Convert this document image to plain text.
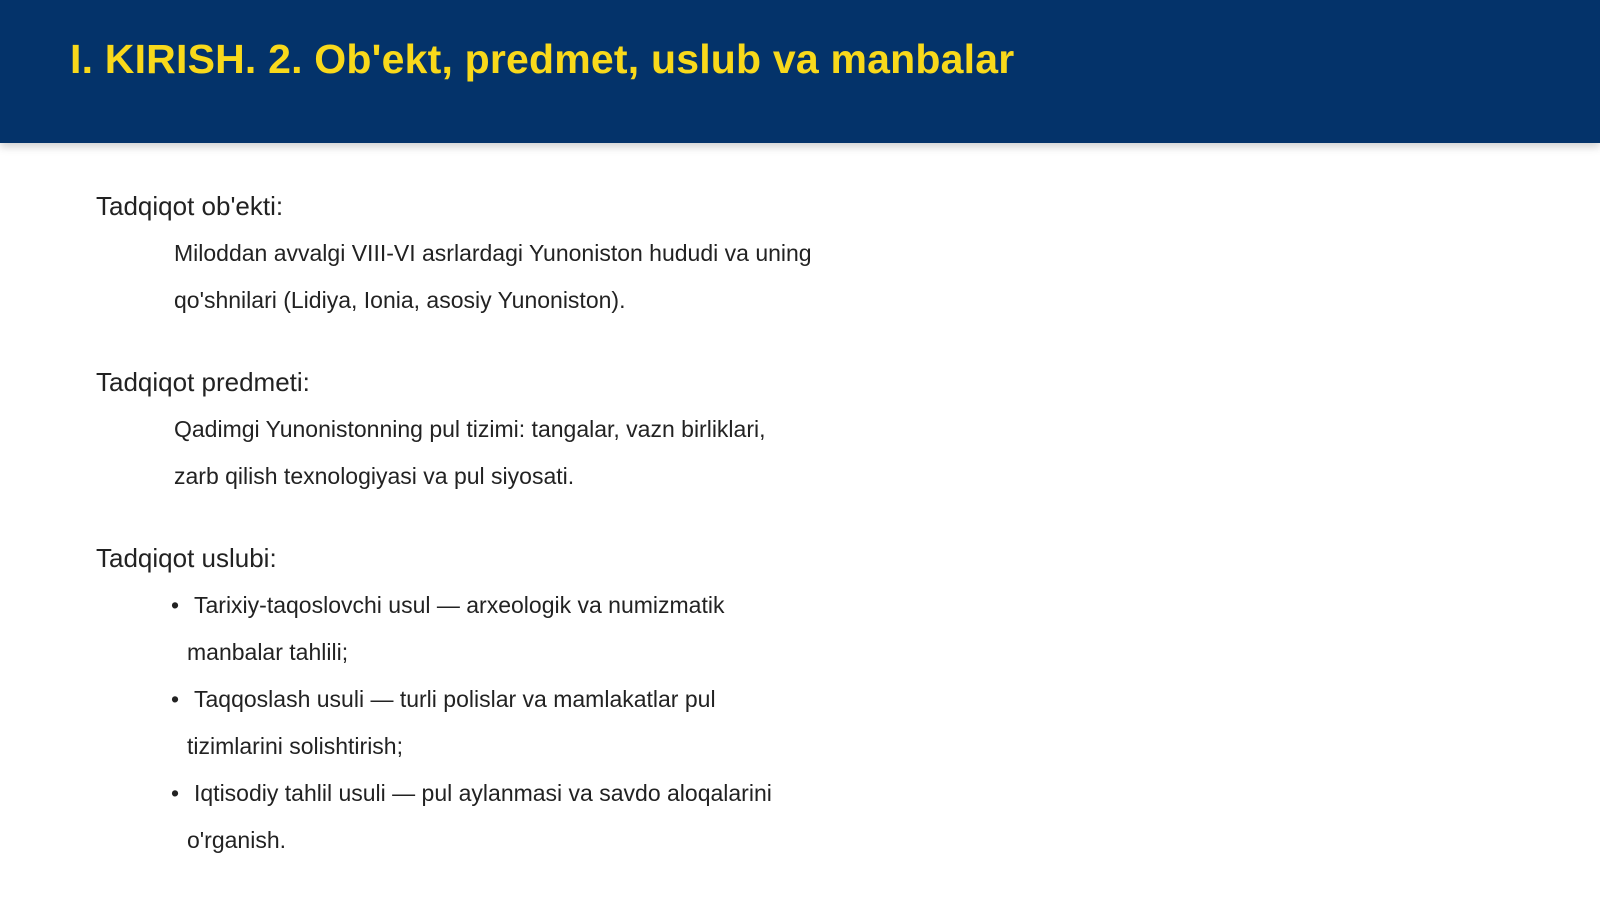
I. KIRISH. 2. Ob'ekt, predmet, uslub va manbalar
Tadqiqot ob'ekti:

Miloddan avvalgi VIII-VI asrlardagi Yunoniston hududi va uning qo'shnilari (Lidiya, Ionia, asosiy Yunoniston).

Tadqiqot predmeti:

Qadimgi Yunonistonning pul tizimi: tangalar, vazn birliklari, zarb qilish texnologiyasi va pul siyosati.

Tadqiqot uslubi:
• Tarixiy-taqoslovchi usul — arxeologik va numizmatik manbalar tahlili;
• Taqqoslash usuli — turli polislar va mamlakatlar pul tizimlarini solishtirish;
• Iqtisodiy tahlil usuli — pul aylanmasi va savdo aloqalarini o'rganish.
